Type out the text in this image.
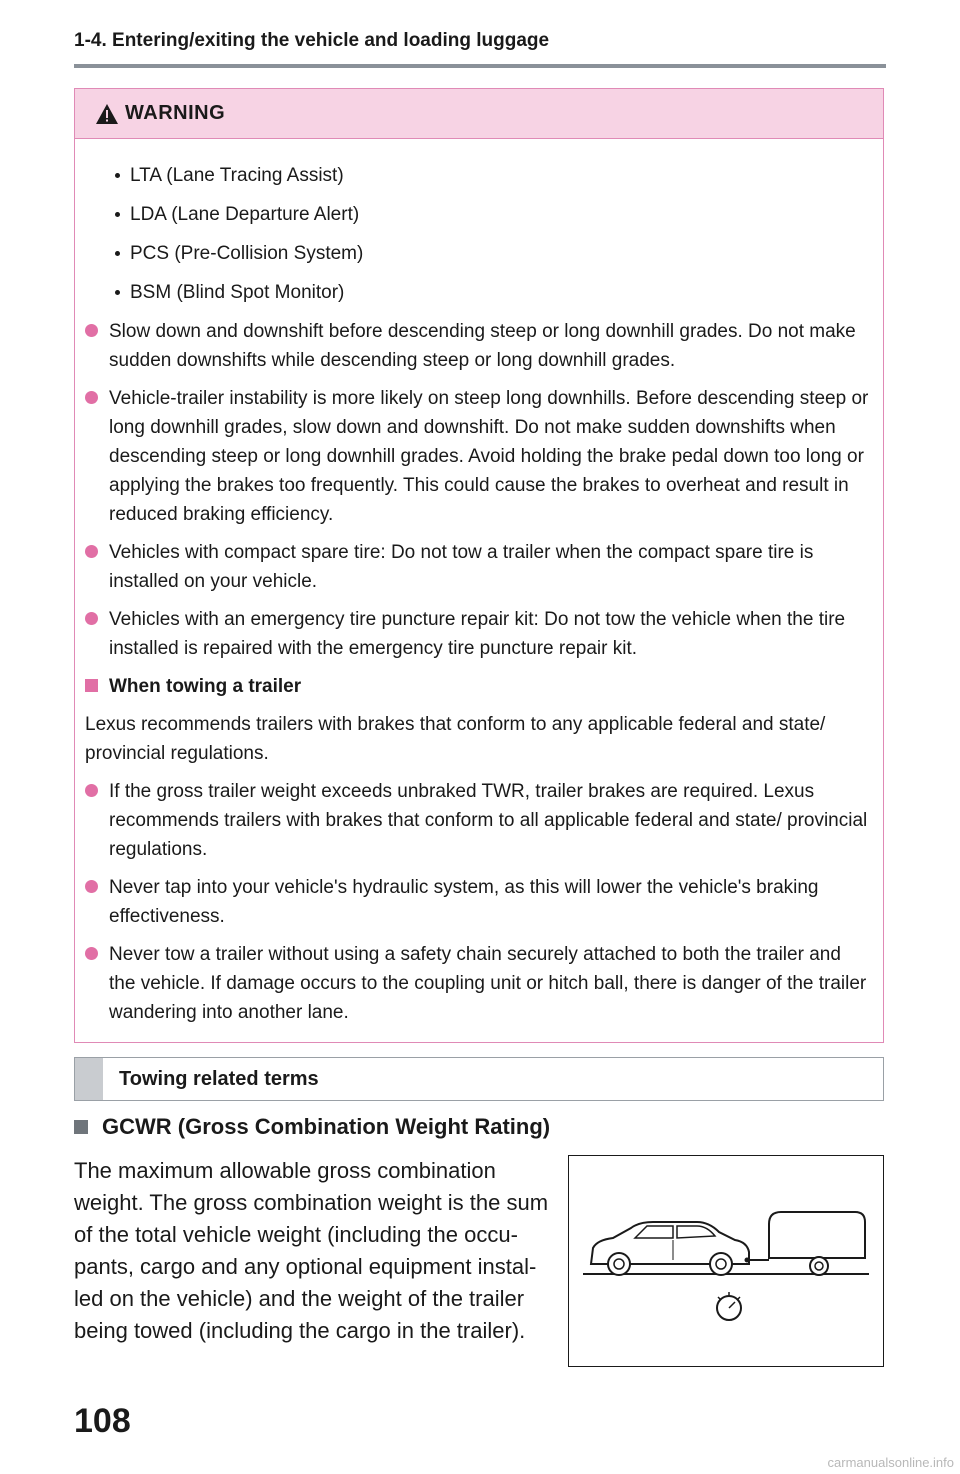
1-4. Entering/exiting the vehicle and loading luggage
WARNING
LTA (Lane Tracing Assist)
LDA (Lane Departure Alert)
PCS (Pre-Collision System)
BSM (Blind Spot Monitor)
Slow down and downshift before descending steep or long downhill grades. Do not make sudden downshifts while descending steep or long downhill grades.
Vehicle-trailer instability is more likely on steep long downhills. Before descending steep or long downhill grades, slow down and downshift. Do not make sudden downshifts when descending steep or long downhill grades. Avoid holding the brake pedal down too long or applying the brakes too frequently. This could cause the brakes to overheat and result in reduced braking efficiency.
Vehicles with compact spare tire: Do not tow a trailer when the compact spare tire is installed on your vehicle.
Vehicles with an emergency tire puncture repair kit: Do not tow the vehicle when the tire installed is repaired with the emergency tire puncture repair kit.
When towing a trailer
Lexus recommends trailers with brakes that conform to any applicable federal and state/ provincial regulations.
If the gross trailer weight exceeds unbraked TWR, trailer brakes are required. Lexus recommends trailers with brakes that conform to all applicable federal and state/ provincial regulations.
Never tap into your vehicle's hydraulic system, as this will lower the vehicle's braking effectiveness.
Never tow a trailer without using a safety chain securely attached to both the trailer and the vehicle. If damage occurs to the coupling unit or hitch ball, there is danger of the trailer wandering into another lane.
Towing related terms
GCWR (Gross Combination Weight Rating)
The maximum allowable gross combination weight. The gross combination weight is the sum of the total vehicle weight (including the occu- pants, cargo and any optional equipment instal- led on the vehicle) and the weight of the trailer being towed (including the cargo in the trailer).
108
carmanualsonline.info
